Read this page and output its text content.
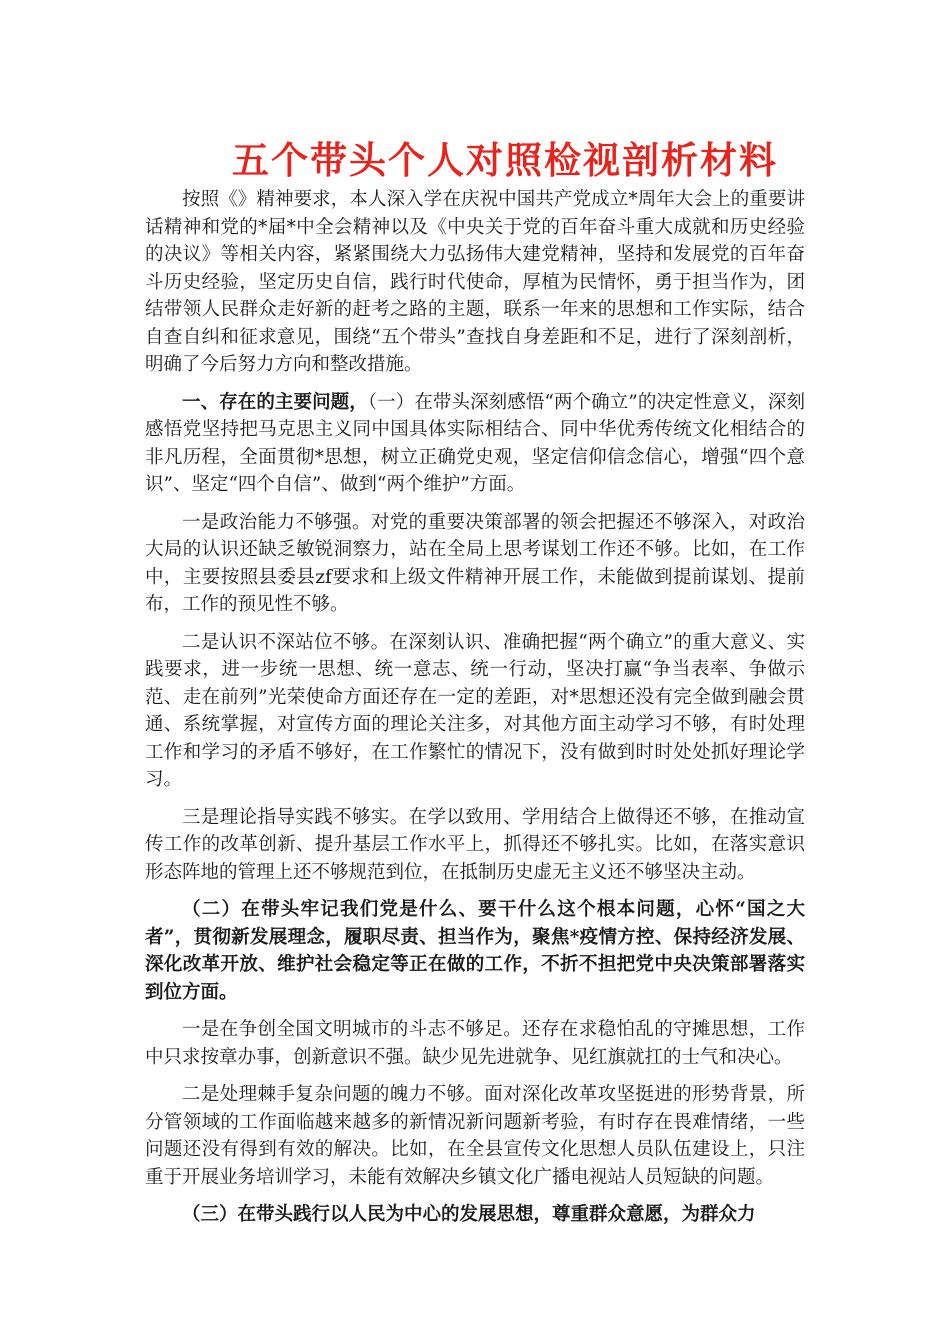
五个带头个人对照检视剖析材料

按照《》精神要求，本人深入学在庆祝中国共产党成立*周年大会上的重要讲话精神和党的*届*中全会精神以及《中央关于党的百年奋斗重大成就和历史经验的决议》等相关内容，紧紧围绕大力弘扬伟大建党精神，坚持和发展党的百年奋斗历史经验，坚定历史自信，践行时代使命，厚植为民情怀，勇于担当作为，团结带领人民群众走好新的赶考之路的主题，联系一年来的思想和工作实际，结合自查自纠和征求意见，围绕“五个带头”查找自身差距和不足，进行了深刻剖析，明确了今后努力方向和整改措施。

一、存在的主要问题，（一）在带头深刻感悟“两个确立”的决定性意义，深刻感悟党坚持把马克思主义同中国具体实际相结合、同中华优秀传统文化相结合的非凡历程，全面贯彻*思想，树立正确党史观，坚定信仰信念信心，增强“四个意识”、坚定“四个自信”、做到“两个维护”方面。

一是政治能力不够强。对党的重要决策部署的领会把握还不够深入，对政治大局的认识还缺乏敏锐洞察力，站在全局上思考谋划工作还不够。比如，在工作中，主要按照县委县zf要求和上级文件精神开展工作，未能做到提前谋划、提前布，工作的预见性不够。

二是认识不深站位不够。在深刻认识、准确把握“两个确立”的重大意义、实践要求，进一步统一思想、统一意志、统一行动，坚决打赢“争当表率、争做示范、走在前列”光荣使命方面还存在一定的差距，对*思想还没有完全做到融会贯通、系统掌握，对宣传方面的理论关注多，对其他方面主动学习不够，有时处理工作和学习的矛盾不够好，在工作繁忙的情况下，没有做到时时处处抓好理论学习。

三是理论指导实践不够实。在学以致用、学用结合上做得还不够，在推动宣传工作的改革创新、提升基层工作水平上，抓得还不够扎实。比如，在落实意识形态阵地的管理上还不够规范到位，在抵制历史虚无主义还不够坚决主动。

（二）在带头牢记我们党是什么、要干什么这个根本问题，心怀“国之大者”，贯彻新发展理念，履职尽责、担当作为，聚焦*疫情方控、保持经济发展、深化改革开放、维护社会稳定等正在做的工作，不折不担把党中央决策部署落实到位方面。

一是在争创全国文明城市的斗志不够足。还存在求稳怕乱的守摊思想，工作中只求按章办事，创新意识不强。缺少见先进就争、见红旗就扛的士气和决心。

二是处理棘手复杂问题的魄力不够。面对深化改革攻坚挺进的形势背景，所分管领域的工作面临越来越多的新情况新问题新考验，有时存在畏难情绪，一些问题还没有得到有效的解决。比如，在全县宣传文化思想人员队伍建设上，只注重于开展业务培训学习，未能有效解决乡镇文化广播电视站人员短缺的问题。

（三）在带头践行以人民为中心的发展思想，尊重群众意愿，为群众力
